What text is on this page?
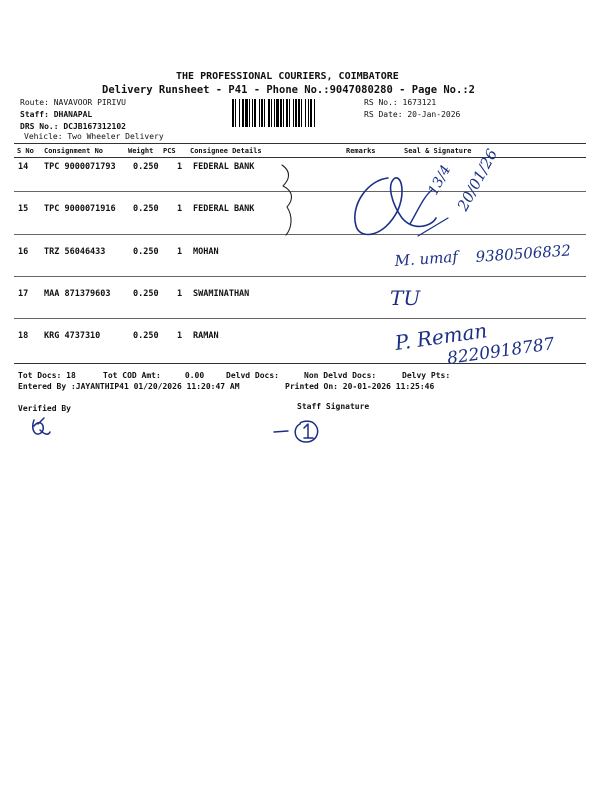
THE PROFESSIONAL COURIERS, COIMBATORE
Delivery Runsheet - P41 - Phone No.:9047080280 - Page No.:2
Route: NAVAVOOR PIRIVU
Staff: DHANAPAL
DRS No.: DCJB167312102
Vehicle: Two Wheeler Delivery
RS No.: 1673121
RS Date: 20-Jan-2026
S No Consignment No	Weight PCS Consignee Details	Remarks	Seal & Signature
14 TPC 9000071793 0.250 1 FEDERAL BANK
15 TPC 9000071916 0.250 1 FEDERAL BANK
16 TRZ 56046433	0.250 1 MOHAN
17 MAA 871379603	0.250 1 SWAMINATHAN
18 KRG 4737310	0.250 1 RAMAN
Tot Docs: 18	Tot COD Amt:     0.00	Delvd Docs:	Non Delvd Docs:	Delvy Pts:
Entered By :JAYANTHIP41 01/20/2026 11:20:47 AM	Printed On: 20-01-2026 11:25:46
Verified By	Staff Signature
13/4 20/01/26
M. umaf 9380506832
TU
P. Reman
8220918787
